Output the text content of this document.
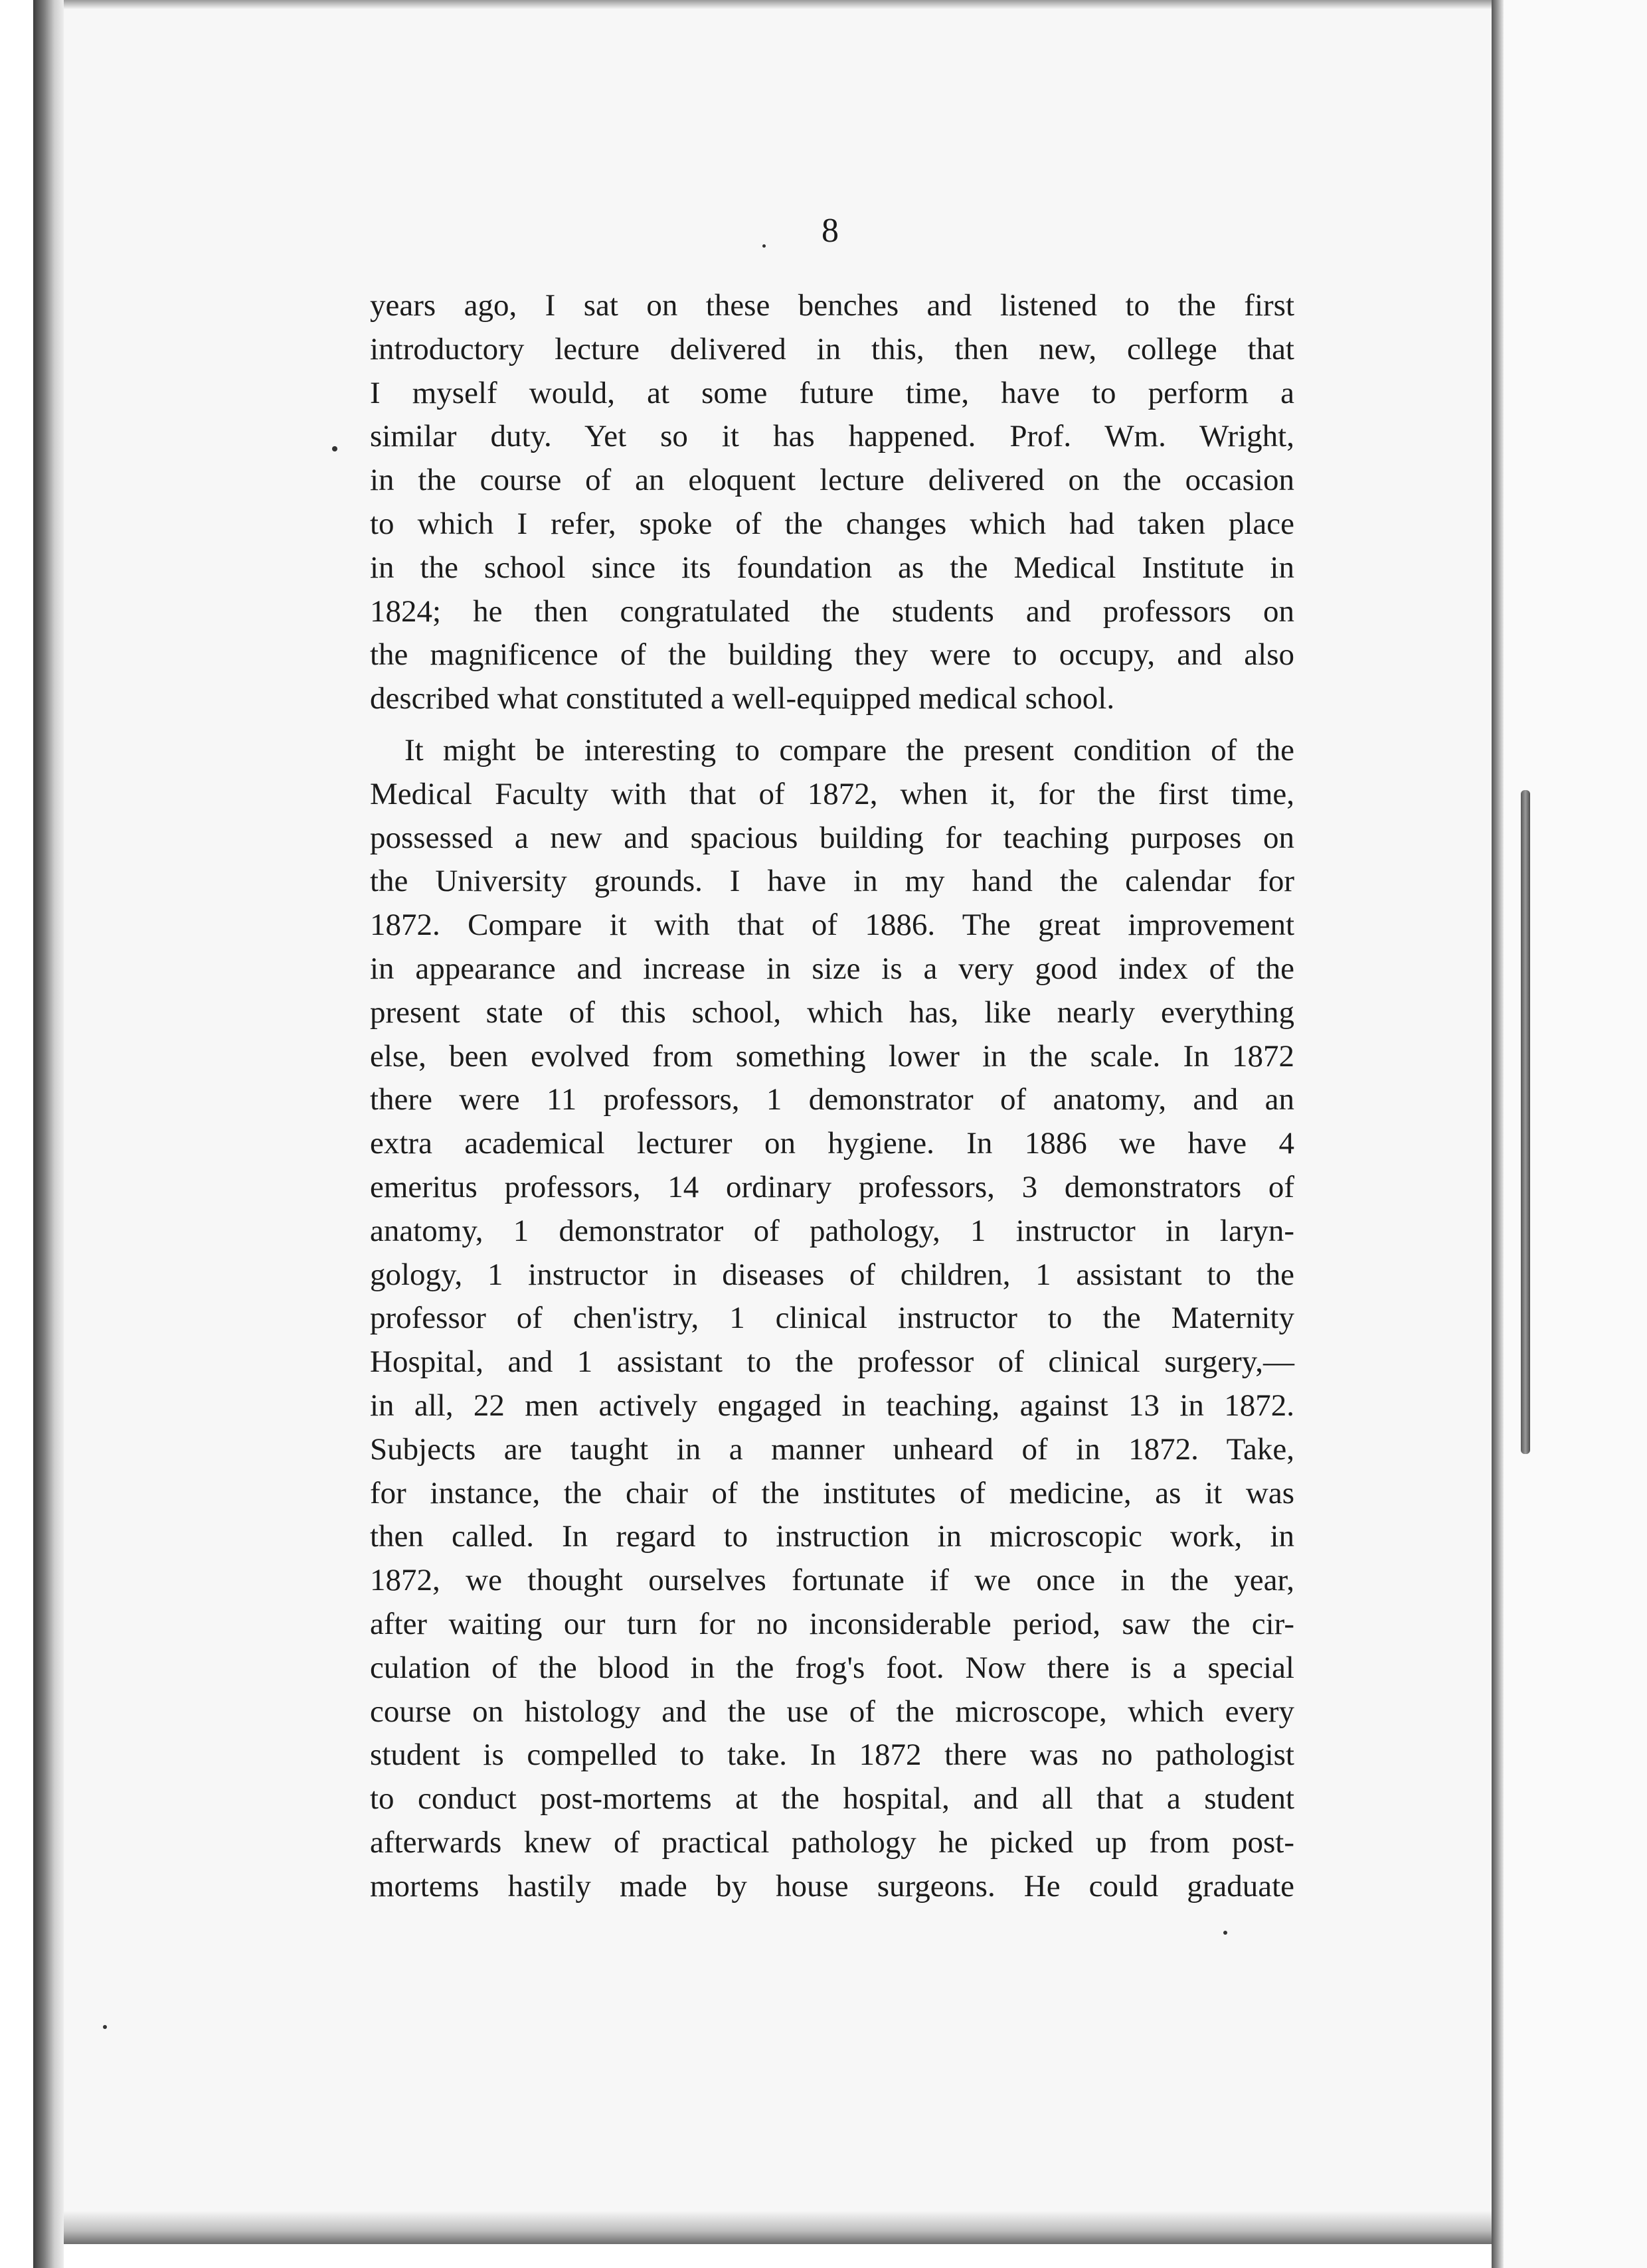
8

years ago, I sat on these benches and listened to the first
introductory lecture delivered in this, then new, college that
I myself would, at some future time, have to perform a
similar duty. Yet so it has happened. Prof. Wm. Wright,
in the course of an eloquent lecture delivered on the occasion
to which I refer, spoke of the changes which had taken place
in the school since its foundation as the Medical Institute in
1824; he then congratulated the students and professors on
the magnificence of the building they were to occupy, and also
described what constituted a well-equipped medical school.

It might be interesting to compare the present condition of the
Medical Faculty with that of 1872, when it, for the first time,
possessed a new and spacious building for teaching purposes on
the University grounds. I have in my hand the calendar for
1872. Compare it with that of 1886. The great improvement
in appearance and increase in size is a very good index of the
present state of this school, which has, like nearly everything
else, been evolved from something lower in the scale. In 1872
there were 11 professors, 1 demonstrator of anatomy, and an
extra academical lecturer on hygiene. In 1886 we have 4
emeritus professors, 14 ordinary professors, 3 demonstrators of
anatomy, 1 demonstrator of pathology, 1 instructor in laryn-
gology, 1 instructor in diseases of children, 1 assistant to the
professor of chen'istry, 1 clinical instructor to the Maternity
Hospital, and 1 assistant to the professor of clinical surgery,—
in all, 22 men actively engaged in teaching, against 13 in 1872.
Subjects are taught in a manner unheard of in 1872. Take,
for instance, the chair of the institutes of medicine, as it was
then called. In regard to instruction in microscopic work, in
1872, we thought ourselves fortunate if we once in the year,
after waiting our turn for no inconsiderable period, saw the cir-
culation of the blood in the frog's foot. Now there is a special
course on histology and the use of the microscope, which every
student is compelled to take. In 1872 there was no pathologist
to conduct post-mortems at the hospital, and all that a student
afterwards knew of practical pathology he picked up from post-
mortems hastily made by house surgeons. He could graduate
